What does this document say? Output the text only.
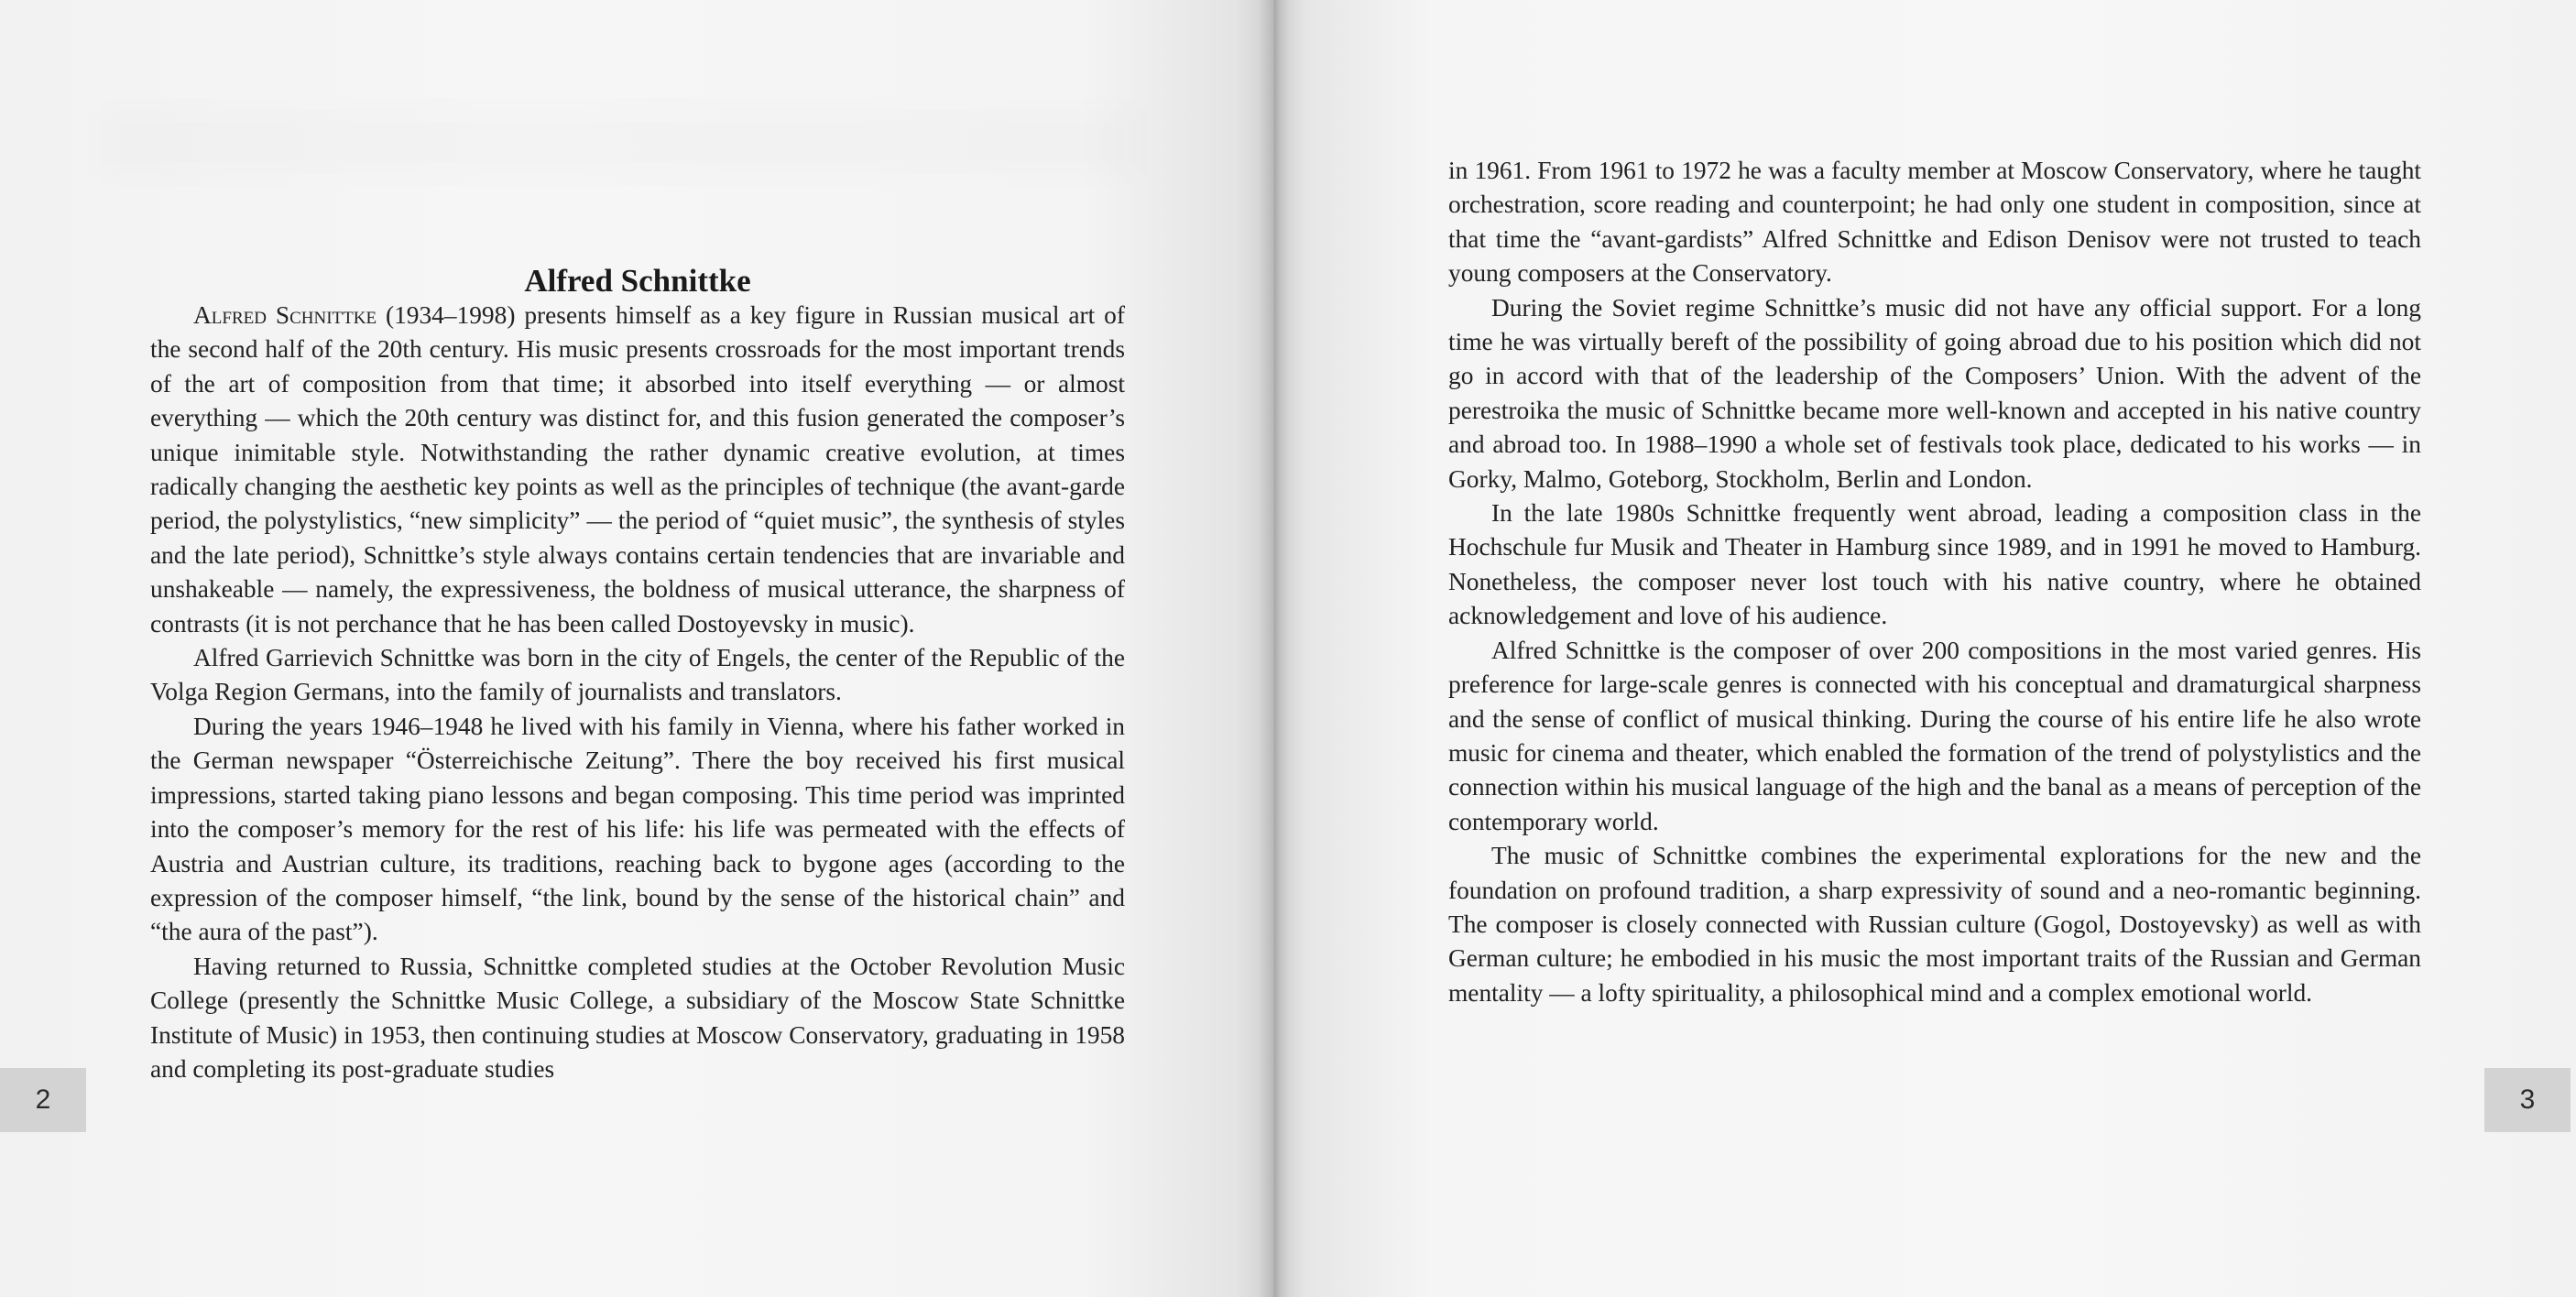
Alfred Schnittke

Alfred Schnittke (1934–1998) presents himself as a key figure in Russian musical art of the second half of the 20th century. His music presents crossroads for the most important trends of the art of composition from that time; it absorbed into itself everything — or almost everything — which the 20th century was distinct for, and this fusion generated the composer’s unique inimitable style. Notwithstanding the rather dynamic creative evolution, at times radically changing the aesthetic key points as well as the principles of technique (the avant-garde period, the polystylistics, “new simplicity” — the period of “quiet music”, the synthesis of styles and the late period), Schnittke’s style always contains certain tendencies that are invariable and unshakeable — namely, the expressiveness, the boldness of musical utterance, the sharpness of contrasts (it is not perchance that he has been called Dostoyevsky in music).

Alfred Garrievich Schnittke was born in the city of Engels, the center of the Republic of the Volga Region Germans, into the family of journalists and translators.

During the years 1946–1948 he lived with his family in Vienna, where his father worked in the German newspaper “Österreichische Zeitung”. There the boy received his first musical impressions, started taking piano lessons and began composing. This time period was imprinted into the composer’s memory for the rest of his life: his life was permeated with the effects of Austria and Austrian culture, its traditions, reaching back to bygone ages (according to the expression of the composer himself, “the link, bound by the sense of the historical chain” and “the aura of the past”).

Having returned to Russia, Schnittke completed studies at the October Revolution Music College (presently the Schnittke Music College, a subsidiary of the Moscow State Schnittke Institute of Music) in 1953, then continuing studies at Moscow Conservatory, graduating in 1958 and completing its post-graduate studies

2

in 1961. From 1961 to 1972 he was a faculty member at Moscow Conservatory, where he taught orchestration, score reading and counterpoint; he had only one student in composition, since at that time the “avant-gardists” Alfred Schnittke and Edison Denisov were not trusted to teach young composers at the Conservatory.

During the Soviet regime Schnittke’s music did not have any official support. For a long time he was virtually bereft of the possibility of going abroad due to his position which did not go in accord with that of the leadership of the Composers’ Union. With the advent of the perestroika the music of Schnittke became more well-known and accepted in his native country and abroad too. In 1988–1990 a whole set of festivals took place, dedicated to his works — in Gorky, Malmo, Goteborg, Stockholm, Berlin and London.

In the late 1980s Schnittke frequently went abroad, leading a composition class in the Hochschule fur Musik and Theater in Hamburg since 1989, and in 1991 he moved to Hamburg. Nonetheless, the composer never lost touch with his native country, where he obtained acknowledgement and love of his audience.

Alfred Schnittke is the composer of over 200 compositions in the most varied genres. His preference for large-scale genres is connected with his conceptual and dramaturgical sharpness and the sense of conflict of musical thinking. During the course of his entire life he also wrote music for cinema and theater, which enabled the formation of the trend of polystylistics and the connection within his musical language of the high and the banal as a means of perception of the contemporary world.

The music of Schnittke combines the experimental explorations for the new and the foundation on profound tradition, a sharp expressivity of sound and a neo-romantic beginning. The composer is closely connected with Russian culture (Gogol, Dostoyevsky) as well as with German culture; he embodied in his music the most important traits of the Russian and German mentality — a lofty spirituality, a philosophical mind and a complex emotional world.

3
